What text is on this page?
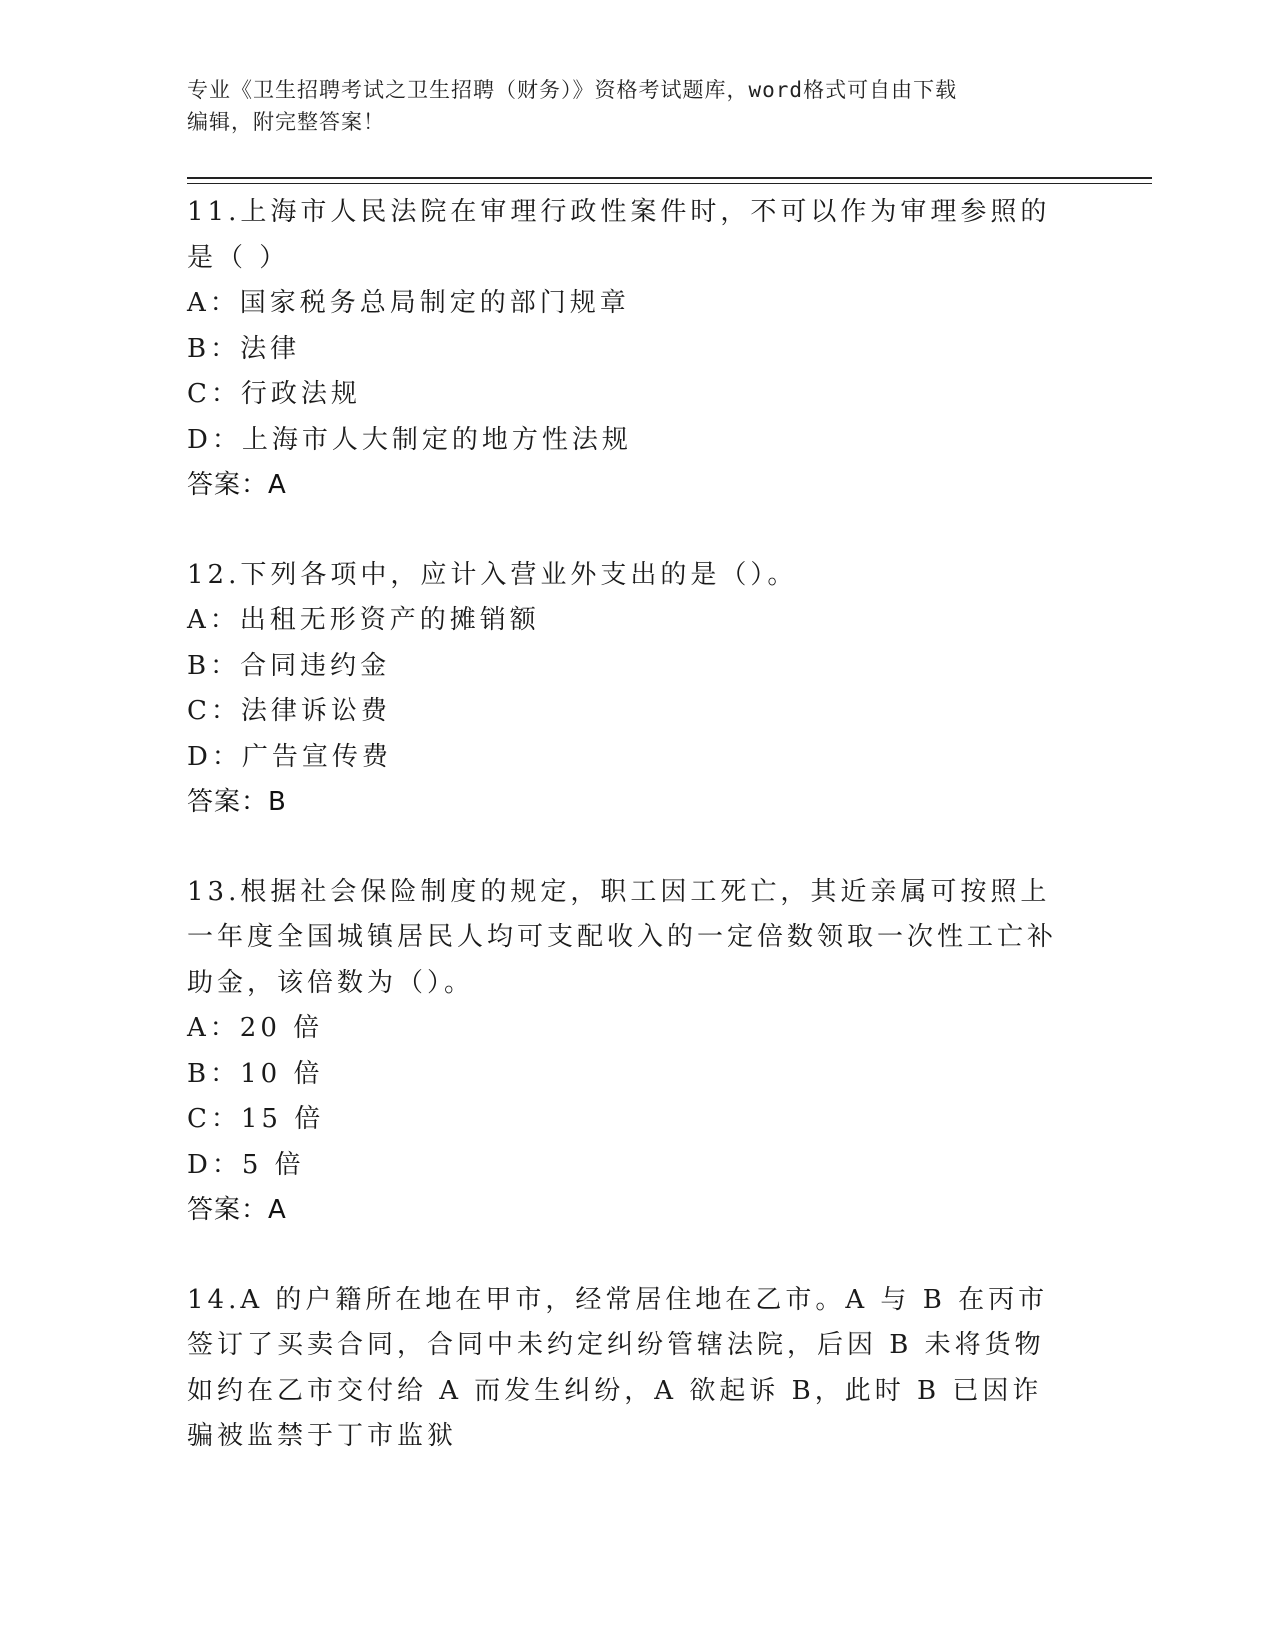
专业《卫生招聘考试之卫生招聘（财务）》资格考试题库，word格式可自由下载
编辑，附完整答案！

11.上海市人民法院在审理行政性案件时，不可以作为审理参照的是（ ）

A：国家税务总局制定的部门规章

B：法律

C：行政法规

D：上海市人大制定的地方性法规

答案：A

12.下列各项中，应计入营业外支出的是（）。

A：出租无形资产的摊销额

B：合同违约金

C：法律诉讼费

D：广告宣传费

答案：B

13.根据社会保险制度的规定，职工因工死亡，其近亲属可按照上一年度全国城镇居民人均可支配收入的一定倍数领取一次性工亡补助金，该倍数为（）。

A：20 倍

B：10 倍

C：15 倍

D：5 倍

答案：A

14.A 的户籍所在地在甲市，经常居住地在乙市。A 与 B 在丙市签订了买卖合同，合同中未约定纠纷管辖法院，后因 B 未将货物如约在乙市交付给 A 而发生纠纷，A 欲起诉 B，此时 B 已因诈骗被监禁于丁市监狱
